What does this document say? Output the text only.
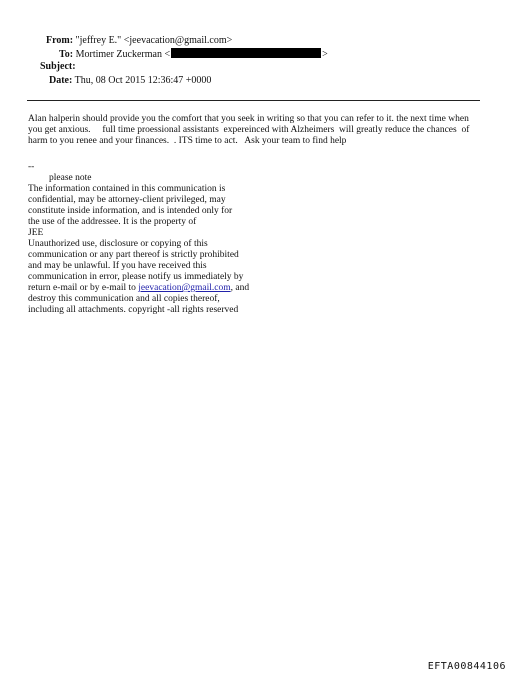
From: "jeffrey E." <jeevacation@gmail.com>
To: Mortimer Zuckerman <	>
Subject:
Date: Thu, 08 Oct 2015 12:36:47 +0000

Alan halperin should provide you the comfort that you seek in writing so that you can refer to it. the next time when you get anxious.     full time proessional assistants  expereinced with Alzheimers  will greatly reduce the chances  of harm to you renee and your finances.  . ITS time to act.   Ask your team to find help

--
please note
The information contained in this communication is
confidential, may be attorney-client privileged, may
constitute inside information, and is intended only for
the use of the addressee. It is the property of
JEE
Unauthorized use, disclosure or copying of this
communication or any part thereof is strictly prohibited
and may be unlawful. If you have received this
communication in error, please notify us immediately by
return e-mail or by e-mail to jeevacation@gmail.com, and
destroy this communication and all copies thereof,
including all attachments. copyright -all rights reserved
EFTA00844106
